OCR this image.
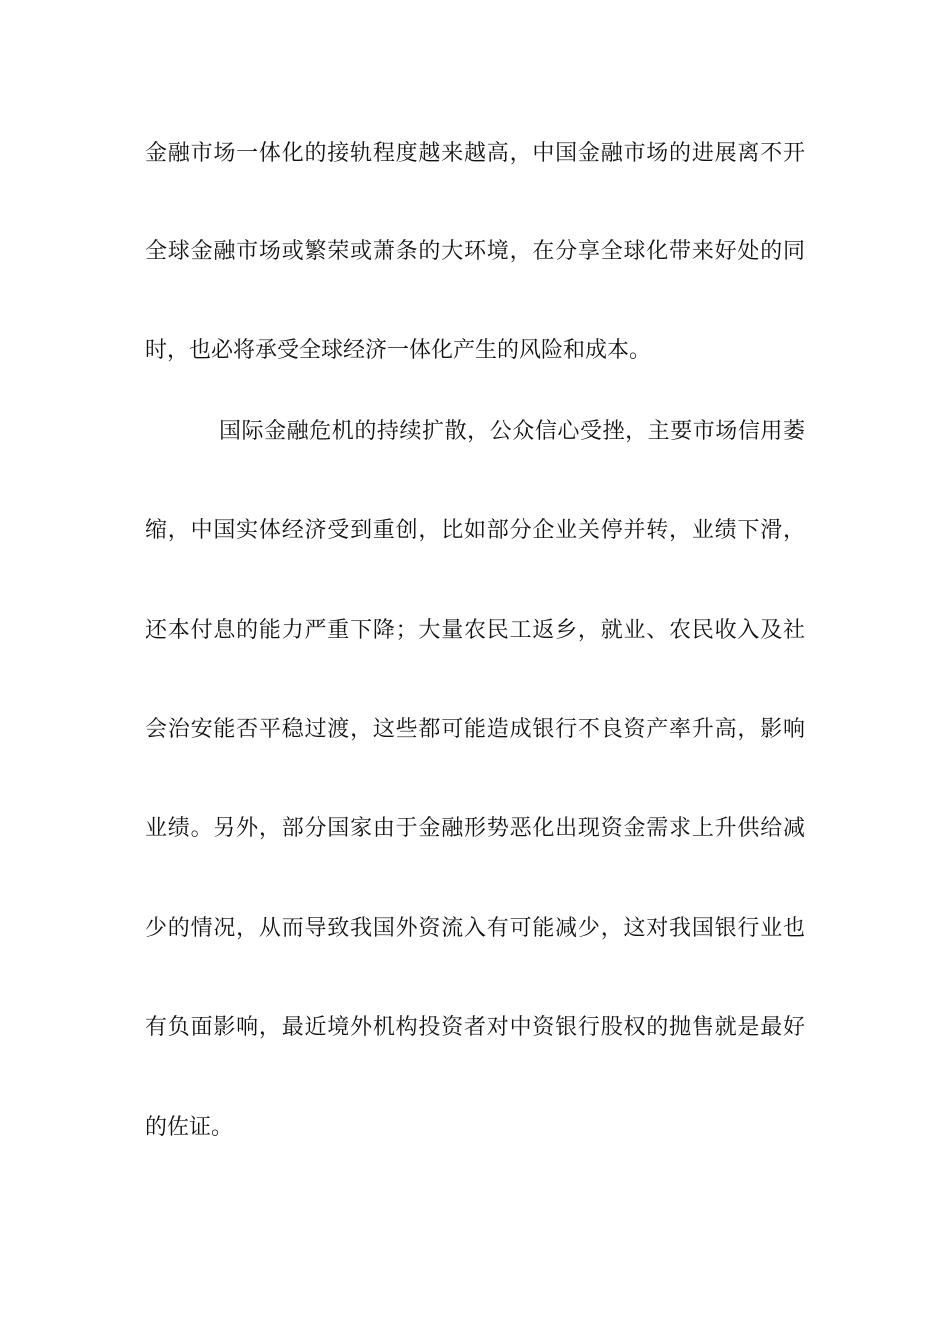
金融市场一体化的接轨程度越来越高，中国金融市场的进展离不开
全球金融市场或繁荣或萧条的大环境，在分享全球化带来好处的同
时，也必将承受全球经济一体化产生的风险和成本。
国际金融危机的持续扩散，公众信心受挫，主要市场信用萎
缩，中国实体经济受到重创，比如部分企业关停并转，业绩下滑，
还本付息的能力严重下降；大量农民工返乡，就业、农民收入及社
会治安能否平稳过渡，这些都可能造成银行不良资产率升高，影响
业绩。另外，部分国家由于金融形势恶化出现资金需求上升供给减
少的情况，从而导致我国外资流入有可能减少，这对我国银行业也
有负面影响，最近境外机构投资者对中资银行股权的抛售就是最好
的佐证。
